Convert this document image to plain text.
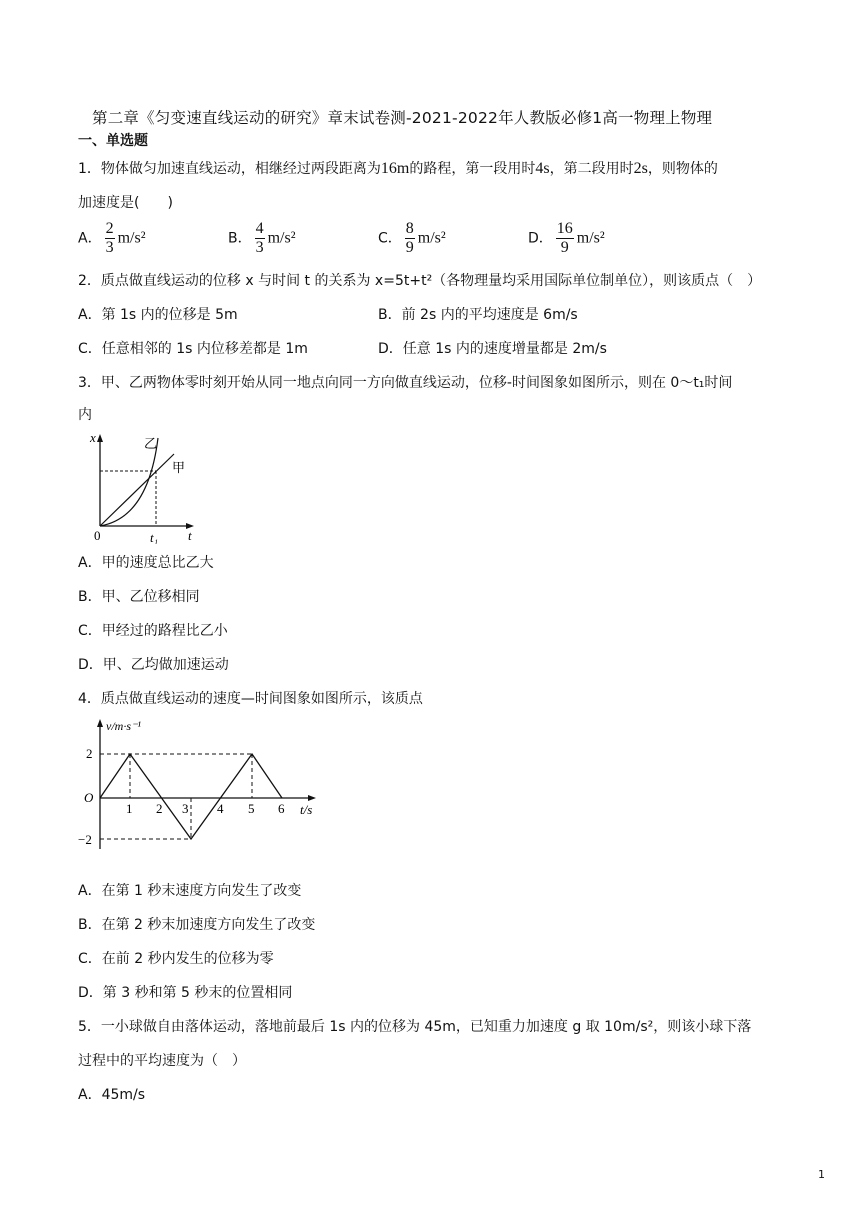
第二章《匀变速直线运动的研究》章末试卷测-2021-2022年人教版必修1高一物理上物理
一、单选题
1．物体做匀加速直线运动，相继经过两段距离为16m的路程，第一段用时4s，第二段用时2s，则物体的
加速度是(　　)
A． $\frac{2}{3} m/s^2$	B． $\frac{4}{3} m/s^2$	C． $\frac{8}{9} m/s^2$	D． $\frac{16}{9} m/s^2$
2．质点做直线运动的位移 x 与时间 t 的关系为 x=5t+t²（各物理量均采用国际单位制单位），则该质点（　）
A．第 1s 内的位移是 5m	B．前 2s 内的平均速度是 6m/s
C．任意相邻的 1s 内位移差都是 1m	D．任意 1s 内的速度增量都是 2m/s
3．甲、乙两物体零时刻开始从同一地点向同一方向做直线运动，位移-时间图象如图所示，则在 0～t₁时间
内
x
t
0	t₁
乙
甲
A．甲的速度总比乙大
B．甲、乙位移相同
C．甲经过的路程比乙小
D．甲、乙均做加速运动
4．质点做直线运动的速度—时间图象如图所示，该质点
v/m·s⁻¹
t/s
O
2
−2
1 2 3 4 5 6
A．在第 1 秒末速度方向发生了改变
B．在第 2 秒末加速度方向发生了改变
C．在前 2 秒内发生的位移为零
D．第 3 秒和第 5 秒末的位置相同
5．一小球做自由落体运动，落地前最后 1s 内的位移为 45m，已知重力加速度 g 取 10m/s²，则该小球下落
过程中的平均速度为（　）
A．45m/s
1
